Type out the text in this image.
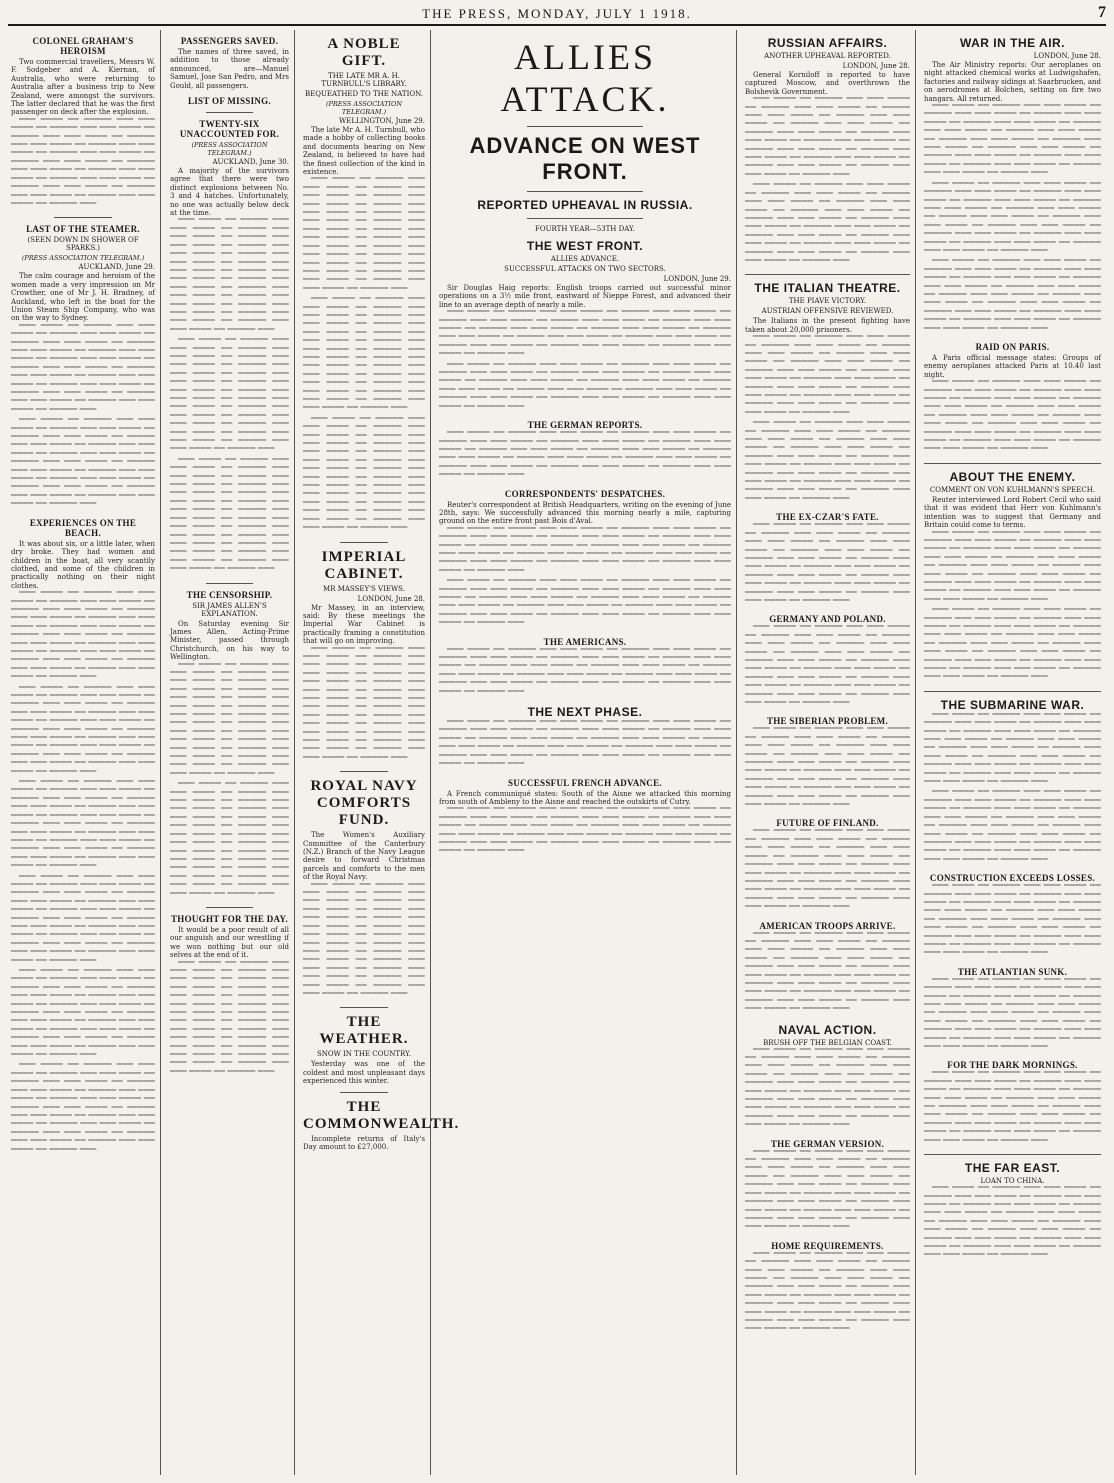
THE PRESS, MONDAY, JULY 1 1918.	7
COLONEL GRAHAM'S HEROISM

Two commercial travellers, Messrs W. F. Sodgeber and A. Kiernan, of Australia, who were returning to Australia after a business trip to New Zealand, were amongst the survivors. The latter declared that he was the first passenger on deck after the explosion.

▔▔▔ ▔▔▔▔ ▔▔ ▔▔▔▔▔ ▔▔▔ ▔▔▔ ▔▔▔▔ ▔▔ ▔▔▔▔▔ ▔▔▔ ▔▔▔ ▔▔▔▔ ▔▔ ▔▔▔▔▔ ▔▔▔ ▔▔▔ ▔▔▔▔ ▔▔ ▔▔▔▔▔ ▔▔▔ ▔▔▔ ▔▔▔▔ ▔▔ ▔▔▔▔▔ ▔▔▔ ▔▔▔ ▔▔▔▔ ▔▔ ▔▔▔▔▔ ▔▔▔ ▔▔▔ ▔▔▔▔ ▔▔ ▔▔▔▔▔ ▔▔▔ ▔▔▔ ▔▔▔▔ ▔▔ ▔▔▔▔▔ ▔▔▔ ▔▔▔ ▔▔▔▔ ▔▔ ▔▔▔▔▔ ▔▔▔ ▔▔▔ ▔▔▔▔ ▔▔ ▔▔▔▔▔ ▔▔▔ ▔▔▔ ▔▔▔▔ ▔▔ ▔▔▔▔▔ ▔▔▔ ▔▔▔ ▔▔▔▔ ▔▔ ▔▔▔▔▔ ▔▔▔ ▔▔▔ ▔▔▔▔ ▔▔ ▔▔▔▔▔ ▔▔▔ ▔▔▔ ▔▔▔▔ ▔▔ ▔▔▔▔▔ ▔▔▔

LAST OF THE STEAMER.
(SEEN DOWN IN SHOWER OF SPARKS.)
(PRESS ASSOCIATION TELEGRAM.)
AUCKLAND, June 29.

The calm courage and heroism of the women made a very impression on Mr Crowther, one of Mr J. H. Bradney, of Auckland, who left in the boat for the Union Steam Ship Company, who was on the way to Sydney.

▔▔▔ ▔▔▔▔ ▔▔ ▔▔▔▔▔ ▔▔▔ ▔▔▔ ▔▔▔▔ ▔▔ ▔▔▔▔▔ ▔▔▔ ▔▔▔ ▔▔▔▔ ▔▔ ▔▔▔▔▔ ▔▔▔ ▔▔▔ ▔▔▔▔ ▔▔ ▔▔▔▔▔ ▔▔▔ ▔▔▔ ▔▔▔▔ ▔▔ ▔▔▔▔▔ ▔▔▔ ▔▔▔ ▔▔▔▔ ▔▔ ▔▔▔▔▔ ▔▔▔ ▔▔▔ ▔▔▔▔ ▔▔ ▔▔▔▔▔ ▔▔▔ ▔▔▔ ▔▔▔▔ ▔▔ ▔▔▔▔▔ ▔▔▔ ▔▔▔ ▔▔▔▔ ▔▔ ▔▔▔▔▔ ▔▔▔ ▔▔▔ ▔▔▔▔ ▔▔ ▔▔▔▔▔ ▔▔▔ ▔▔▔ ▔▔▔▔ ▔▔ ▔▔▔▔▔ ▔▔▔ ▔▔▔ ▔▔▔▔ ▔▔ ▔▔▔▔▔ ▔▔▔ ▔▔▔ ▔▔▔▔ ▔▔ ▔▔▔▔▔ ▔▔▔ ▔▔▔ ▔▔▔▔ ▔▔ ▔▔▔▔▔ ▔▔▔

▔▔▔ ▔▔▔▔ ▔▔ ▔▔▔▔▔ ▔▔▔ ▔▔▔ ▔▔▔▔ ▔▔ ▔▔▔▔▔ ▔▔▔ ▔▔▔ ▔▔▔▔ ▔▔ ▔▔▔▔▔ ▔▔▔ ▔▔▔ ▔▔▔▔ ▔▔ ▔▔▔▔▔ ▔▔▔ ▔▔▔ ▔▔▔▔ ▔▔ ▔▔▔▔▔ ▔▔▔ ▔▔▔ ▔▔▔▔ ▔▔ ▔▔▔▔▔ ▔▔▔ ▔▔▔ ▔▔▔▔ ▔▔ ▔▔▔▔▔ ▔▔▔ ▔▔▔ ▔▔▔▔ ▔▔ ▔▔▔▔▔ ▔▔▔ ▔▔▔ ▔▔▔▔ ▔▔ ▔▔▔▔▔ ▔▔▔ ▔▔▔ ▔▔▔▔ ▔▔ ▔▔▔▔▔ ▔▔▔ ▔▔▔ ▔▔▔▔ ▔▔ ▔▔▔▔▔ ▔▔▔ ▔▔▔ ▔▔▔▔ ▔▔ ▔▔▔▔▔ ▔▔▔ ▔▔▔ ▔▔▔▔ ▔▔ ▔▔▔▔▔ ▔▔▔ ▔▔▔ ▔▔▔▔ ▔▔ ▔▔▔▔▔ ▔▔▔

EXPERIENCES ON THE BEACH.

It was about six, or a little later, when dry broke. They had women and children in the boat, all very scantily clothed, and some of the children in practically nothing on their night clothes.

▔▔▔ ▔▔▔▔ ▔▔ ▔▔▔▔▔ ▔▔▔ ▔▔▔ ▔▔▔▔ ▔▔ ▔▔▔▔▔ ▔▔▔ ▔▔▔ ▔▔▔▔ ▔▔ ▔▔▔▔▔ ▔▔▔ ▔▔▔ ▔▔▔▔ ▔▔ ▔▔▔▔▔ ▔▔▔ ▔▔▔ ▔▔▔▔ ▔▔ ▔▔▔▔▔ ▔▔▔ ▔▔▔ ▔▔▔▔ ▔▔ ▔▔▔▔▔ ▔▔▔ ▔▔▔ ▔▔▔▔ ▔▔ ▔▔▔▔▔ ▔▔▔ ▔▔▔ ▔▔▔▔ ▔▔ ▔▔▔▔▔ ▔▔▔ ▔▔▔ ▔▔▔▔ ▔▔ ▔▔▔▔▔ ▔▔▔ ▔▔▔ ▔▔▔▔ ▔▔ ▔▔▔▔▔ ▔▔▔ ▔▔▔ ▔▔▔▔ ▔▔ ▔▔▔▔▔ ▔▔▔ ▔▔▔ ▔▔▔▔ ▔▔ ▔▔▔▔▔ ▔▔▔ ▔▔▔ ▔▔▔▔ ▔▔ ▔▔▔▔▔ ▔▔▔ ▔▔▔ ▔▔▔▔ ▔▔ ▔▔▔▔▔ ▔▔▔

▔▔▔ ▔▔▔▔ ▔▔ ▔▔▔▔▔ ▔▔▔ ▔▔▔ ▔▔▔▔ ▔▔ ▔▔▔▔▔ ▔▔▔ ▔▔▔ ▔▔▔▔ ▔▔ ▔▔▔▔▔ ▔▔▔ ▔▔▔ ▔▔▔▔ ▔▔ ▔▔▔▔▔ ▔▔▔ ▔▔▔ ▔▔▔▔ ▔▔ ▔▔▔▔▔ ▔▔▔ ▔▔▔ ▔▔▔▔ ▔▔ ▔▔▔▔▔ ▔▔▔ ▔▔▔ ▔▔▔▔ ▔▔ ▔▔▔▔▔ ▔▔▔ ▔▔▔ ▔▔▔▔ ▔▔ ▔▔▔▔▔ ▔▔▔ ▔▔▔ ▔▔▔▔ ▔▔ ▔▔▔▔▔ ▔▔▔ ▔▔▔ ▔▔▔▔ ▔▔ ▔▔▔▔▔ ▔▔▔ ▔▔▔ ▔▔▔▔ ▔▔ ▔▔▔▔▔ ▔▔▔ ▔▔▔ ▔▔▔▔ ▔▔ ▔▔▔▔▔ ▔▔▔ ▔▔▔ ▔▔▔▔ ▔▔ ▔▔▔▔▔ ▔▔▔ ▔▔▔ ▔▔▔▔ ▔▔ ▔▔▔▔▔ ▔▔▔

▔▔▔ ▔▔▔▔ ▔▔ ▔▔▔▔▔ ▔▔▔ ▔▔▔ ▔▔▔▔ ▔▔ ▔▔▔▔▔ ▔▔▔ ▔▔▔ ▔▔▔▔ ▔▔ ▔▔▔▔▔ ▔▔▔ ▔▔▔ ▔▔▔▔ ▔▔ ▔▔▔▔▔ ▔▔▔ ▔▔▔ ▔▔▔▔ ▔▔ ▔▔▔▔▔ ▔▔▔ ▔▔▔ ▔▔▔▔ ▔▔ ▔▔▔▔▔ ▔▔▔ ▔▔▔ ▔▔▔▔ ▔▔ ▔▔▔▔▔ ▔▔▔ ▔▔▔ ▔▔▔▔ ▔▔ ▔▔▔▔▔ ▔▔▔ ▔▔▔ ▔▔▔▔ ▔▔ ▔▔▔▔▔ ▔▔▔ ▔▔▔ ▔▔▔▔ ▔▔ ▔▔▔▔▔ ▔▔▔ ▔▔▔ ▔▔▔▔ ▔▔ ▔▔▔▔▔ ▔▔▔ ▔▔▔ ▔▔▔▔ ▔▔ ▔▔▔▔▔ ▔▔▔ ▔▔▔ ▔▔▔▔ ▔▔ ▔▔▔▔▔ ▔▔▔ ▔▔▔ ▔▔▔▔ ▔▔ ▔▔▔▔▔ ▔▔▔

▔▔▔ ▔▔▔▔ ▔▔ ▔▔▔▔▔ ▔▔▔ ▔▔▔ ▔▔▔▔ ▔▔ ▔▔▔▔▔ ▔▔▔ ▔▔▔ ▔▔▔▔ ▔▔ ▔▔▔▔▔ ▔▔▔ ▔▔▔ ▔▔▔▔ ▔▔ ▔▔▔▔▔ ▔▔▔ ▔▔▔ ▔▔▔▔ ▔▔ ▔▔▔▔▔ ▔▔▔ ▔▔▔ ▔▔▔▔ ▔▔ ▔▔▔▔▔ ▔▔▔ ▔▔▔ ▔▔▔▔ ▔▔ ▔▔▔▔▔ ▔▔▔ ▔▔▔ ▔▔▔▔ ▔▔ ▔▔▔▔▔ ▔▔▔ ▔▔▔ ▔▔▔▔ ▔▔ ▔▔▔▔▔ ▔▔▔ ▔▔▔ ▔▔▔▔ ▔▔ ▔▔▔▔▔ ▔▔▔ ▔▔▔ ▔▔▔▔ ▔▔ ▔▔▔▔▔ ▔▔▔ ▔▔▔ ▔▔▔▔ ▔▔ ▔▔▔▔▔ ▔▔▔ ▔▔▔ ▔▔▔▔ ▔▔ ▔▔▔▔▔ ▔▔▔ ▔▔▔ ▔▔▔▔ ▔▔ ▔▔▔▔▔ ▔▔▔

▔▔▔ ▔▔▔▔ ▔▔ ▔▔▔▔▔ ▔▔▔ ▔▔▔ ▔▔▔▔ ▔▔ ▔▔▔▔▔ ▔▔▔ ▔▔▔ ▔▔▔▔ ▔▔ ▔▔▔▔▔ ▔▔▔ ▔▔▔ ▔▔▔▔ ▔▔ ▔▔▔▔▔ ▔▔▔ ▔▔▔ ▔▔▔▔ ▔▔ ▔▔▔▔▔ ▔▔▔ ▔▔▔ ▔▔▔▔ ▔▔ ▔▔▔▔▔ ▔▔▔ ▔▔▔ ▔▔▔▔ ▔▔ ▔▔▔▔▔ ▔▔▔ ▔▔▔ ▔▔▔▔ ▔▔ ▔▔▔▔▔ ▔▔▔ ▔▔▔ ▔▔▔▔ ▔▔ ▔▔▔▔▔ ▔▔▔ ▔▔▔ ▔▔▔▔ ▔▔ ▔▔▔▔▔ ▔▔▔ ▔▔▔ ▔▔▔▔ ▔▔ ▔▔▔▔▔ ▔▔▔ ▔▔▔ ▔▔▔▔ ▔▔ ▔▔▔▔▔ ▔▔▔ ▔▔▔ ▔▔▔▔ ▔▔ ▔▔▔▔▔ ▔▔▔ ▔▔▔ ▔▔▔▔ ▔▔ ▔▔▔▔▔ ▔▔▔

▔▔▔ ▔▔▔▔ ▔▔ ▔▔▔▔▔ ▔▔▔ ▔▔▔ ▔▔▔▔ ▔▔ ▔▔▔▔▔ ▔▔▔ ▔▔▔ ▔▔▔▔ ▔▔ ▔▔▔▔▔ ▔▔▔ ▔▔▔ ▔▔▔▔ ▔▔ ▔▔▔▔▔ ▔▔▔ ▔▔▔ ▔▔▔▔ ▔▔ ▔▔▔▔▔ ▔▔▔ ▔▔▔ ▔▔▔▔ ▔▔ ▔▔▔▔▔ ▔▔▔ ▔▔▔ ▔▔▔▔ ▔▔ ▔▔▔▔▔ ▔▔▔ ▔▔▔ ▔▔▔▔ ▔▔ ▔▔▔▔▔ ▔▔▔ ▔▔▔ ▔▔▔▔ ▔▔ ▔▔▔▔▔ ▔▔▔ ▔▔▔ ▔▔▔▔ ▔▔ ▔▔▔▔▔ ▔▔▔ ▔▔▔ ▔▔▔▔ ▔▔ ▔▔▔▔▔ ▔▔▔ ▔▔▔ ▔▔▔▔ ▔▔ ▔▔▔▔▔ ▔▔▔ ▔▔▔ ▔▔▔▔ ▔▔ ▔▔▔▔▔ ▔▔▔ ▔▔▔ ▔▔▔▔ ▔▔ ▔▔▔▔▔ ▔▔▔

PASSENGERS SAVED.

The names of three saved, in addition to those already announced, are—Manuel Samuel, Jose San Pedro, and Mrs Gould, all passengers.

LIST OF MISSING.
TWENTY-SIX UNACCOUNTED FOR.
(PRESS ASSOCIATION TELEGRAM.)
AUCKLAND, June 30.

A majority of the survivors agree that there were two distinct explosions between No. 3 and 4 hatches. Unfortunately, no one was actually below deck at the time.

▔▔▔ ▔▔▔▔ ▔▔ ▔▔▔▔▔ ▔▔▔ ▔▔▔ ▔▔▔▔ ▔▔ ▔▔▔▔▔ ▔▔▔ ▔▔▔ ▔▔▔▔ ▔▔ ▔▔▔▔▔ ▔▔▔ ▔▔▔ ▔▔▔▔ ▔▔ ▔▔▔▔▔ ▔▔▔ ▔▔▔ ▔▔▔▔ ▔▔ ▔▔▔▔▔ ▔▔▔ ▔▔▔ ▔▔▔▔ ▔▔ ▔▔▔▔▔ ▔▔▔ ▔▔▔ ▔▔▔▔ ▔▔ ▔▔▔▔▔ ▔▔▔ ▔▔▔ ▔▔▔▔ ▔▔ ▔▔▔▔▔ ▔▔▔ ▔▔▔ ▔▔▔▔ ▔▔ ▔▔▔▔▔ ▔▔▔ ▔▔▔ ▔▔▔▔ ▔▔ ▔▔▔▔▔ ▔▔▔ ▔▔▔ ▔▔▔▔ ▔▔ ▔▔▔▔▔ ▔▔▔ ▔▔▔ ▔▔▔▔ ▔▔ ▔▔▔▔▔ ▔▔▔ ▔▔▔ ▔▔▔▔ ▔▔ ▔▔▔▔▔ ▔▔▔ ▔▔▔ ▔▔▔▔ ▔▔ ▔▔▔▔▔ ▔▔▔

▔▔▔ ▔▔▔▔ ▔▔ ▔▔▔▔▔ ▔▔▔ ▔▔▔ ▔▔▔▔ ▔▔ ▔▔▔▔▔ ▔▔▔ ▔▔▔ ▔▔▔▔ ▔▔ ▔▔▔▔▔ ▔▔▔ ▔▔▔ ▔▔▔▔ ▔▔ ▔▔▔▔▔ ▔▔▔ ▔▔▔ ▔▔▔▔ ▔▔ ▔▔▔▔▔ ▔▔▔ ▔▔▔ ▔▔▔▔ ▔▔ ▔▔▔▔▔ ▔▔▔ ▔▔▔ ▔▔▔▔ ▔▔ ▔▔▔▔▔ ▔▔▔ ▔▔▔ ▔▔▔▔ ▔▔ ▔▔▔▔▔ ▔▔▔ ▔▔▔ ▔▔▔▔ ▔▔ ▔▔▔▔▔ ▔▔▔ ▔▔▔ ▔▔▔▔ ▔▔ ▔▔▔▔▔ ▔▔▔ ▔▔▔ ▔▔▔▔ ▔▔ ▔▔▔▔▔ ▔▔▔ ▔▔▔ ▔▔▔▔ ▔▔ ▔▔▔▔▔ ▔▔▔ ▔▔▔ ▔▔▔▔ ▔▔ ▔▔▔▔▔ ▔▔▔ ▔▔▔ ▔▔▔▔ ▔▔ ▔▔▔▔▔ ▔▔▔

▔▔▔ ▔▔▔▔ ▔▔ ▔▔▔▔▔ ▔▔▔ ▔▔▔ ▔▔▔▔ ▔▔ ▔▔▔▔▔ ▔▔▔ ▔▔▔ ▔▔▔▔ ▔▔ ▔▔▔▔▔ ▔▔▔ ▔▔▔ ▔▔▔▔ ▔▔ ▔▔▔▔▔ ▔▔▔ ▔▔▔ ▔▔▔▔ ▔▔ ▔▔▔▔▔ ▔▔▔ ▔▔▔ ▔▔▔▔ ▔▔ ▔▔▔▔▔ ▔▔▔ ▔▔▔ ▔▔▔▔ ▔▔ ▔▔▔▔▔ ▔▔▔ ▔▔▔ ▔▔▔▔ ▔▔ ▔▔▔▔▔ ▔▔▔ ▔▔▔ ▔▔▔▔ ▔▔ ▔▔▔▔▔ ▔▔▔ ▔▔▔ ▔▔▔▔ ▔▔ ▔▔▔▔▔ ▔▔▔ ▔▔▔ ▔▔▔▔ ▔▔ ▔▔▔▔▔ ▔▔▔ ▔▔▔ ▔▔▔▔ ▔▔ ▔▔▔▔▔ ▔▔▔ ▔▔▔ ▔▔▔▔ ▔▔ ▔▔▔▔▔ ▔▔▔ ▔▔▔ ▔▔▔▔ ▔▔ ▔▔▔▔▔ ▔▔▔

THE CENSORSHIP.
SIR JAMES ALLEN'S EXPLANATION.

On Saturday evening Sir James Allen, Acting-Prime Minister, passed through Christchurch, on his way to Wellington.

▔▔▔ ▔▔▔▔ ▔▔ ▔▔▔▔▔ ▔▔▔ ▔▔▔ ▔▔▔▔ ▔▔ ▔▔▔▔▔ ▔▔▔ ▔▔▔ ▔▔▔▔ ▔▔ ▔▔▔▔▔ ▔▔▔ ▔▔▔ ▔▔▔▔ ▔▔ ▔▔▔▔▔ ▔▔▔ ▔▔▔ ▔▔▔▔ ▔▔ ▔▔▔▔▔ ▔▔▔ ▔▔▔ ▔▔▔▔ ▔▔ ▔▔▔▔▔ ▔▔▔ ▔▔▔ ▔▔▔▔ ▔▔ ▔▔▔▔▔ ▔▔▔ ▔▔▔ ▔▔▔▔ ▔▔ ▔▔▔▔▔ ▔▔▔ ▔▔▔ ▔▔▔▔ ▔▔ ▔▔▔▔▔ ▔▔▔ ▔▔▔ ▔▔▔▔ ▔▔ ▔▔▔▔▔ ▔▔▔ ▔▔▔ ▔▔▔▔ ▔▔ ▔▔▔▔▔ ▔▔▔ ▔▔▔ ▔▔▔▔ ▔▔ ▔▔▔▔▔ ▔▔▔ ▔▔▔ ▔▔▔▔ ▔▔ ▔▔▔▔▔ ▔▔▔ ▔▔▔ ▔▔▔▔ ▔▔ ▔▔▔▔▔ ▔▔▔

▔▔▔ ▔▔▔▔ ▔▔ ▔▔▔▔▔ ▔▔▔ ▔▔▔ ▔▔▔▔ ▔▔ ▔▔▔▔▔ ▔▔▔ ▔▔▔ ▔▔▔▔ ▔▔ ▔▔▔▔▔ ▔▔▔ ▔▔▔ ▔▔▔▔ ▔▔ ▔▔▔▔▔ ▔▔▔ ▔▔▔ ▔▔▔▔ ▔▔ ▔▔▔▔▔ ▔▔▔ ▔▔▔ ▔▔▔▔ ▔▔ ▔▔▔▔▔ ▔▔▔ ▔▔▔ ▔▔▔▔ ▔▔ ▔▔▔▔▔ ▔▔▔ ▔▔▔ ▔▔▔▔ ▔▔ ▔▔▔▔▔ ▔▔▔ ▔▔▔ ▔▔▔▔ ▔▔ ▔▔▔▔▔ ▔▔▔ ▔▔▔ ▔▔▔▔ ▔▔ ▔▔▔▔▔ ▔▔▔ ▔▔▔ ▔▔▔▔ ▔▔ ▔▔▔▔▔ ▔▔▔ ▔▔▔ ▔▔▔▔ ▔▔ ▔▔▔▔▔ ▔▔▔ ▔▔▔ ▔▔▔▔ ▔▔ ▔▔▔▔▔ ▔▔▔ ▔▔▔ ▔▔▔▔ ▔▔ ▔▔▔▔▔ ▔▔▔

THOUGHT FOR THE DAY.

It would be a poor result of all our anguish and our wrestling if we won nothing but our old selves at the end of it.

▔▔▔ ▔▔▔▔ ▔▔ ▔▔▔▔▔ ▔▔▔ ▔▔▔ ▔▔▔▔ ▔▔ ▔▔▔▔▔ ▔▔▔ ▔▔▔ ▔▔▔▔ ▔▔ ▔▔▔▔▔ ▔▔▔ ▔▔▔ ▔▔▔▔ ▔▔ ▔▔▔▔▔ ▔▔▔ ▔▔▔ ▔▔▔▔ ▔▔ ▔▔▔▔▔ ▔▔▔ ▔▔▔ ▔▔▔▔ ▔▔ ▔▔▔▔▔ ▔▔▔ ▔▔▔ ▔▔▔▔ ▔▔ ▔▔▔▔▔ ▔▔▔ ▔▔▔ ▔▔▔▔ ▔▔ ▔▔▔▔▔ ▔▔▔ ▔▔▔ ▔▔▔▔ ▔▔ ▔▔▔▔▔ ▔▔▔ ▔▔▔ ▔▔▔▔ ▔▔ ▔▔▔▔▔ ▔▔▔ ▔▔▔ ▔▔▔▔ ▔▔ ▔▔▔▔▔ ▔▔▔ ▔▔▔ ▔▔▔▔ ▔▔ ▔▔▔▔▔ ▔▔▔ ▔▔▔ ▔▔▔▔ ▔▔ ▔▔▔▔▔ ▔▔▔ ▔▔▔ ▔▔▔▔ ▔▔ ▔▔▔▔▔ ▔▔▔

A NOBLE GIFT.
THE LATE MR A. H. TURNBULL'S LIBRARY.
BEQUEATHED TO THE NATION.
(PRESS ASSOCIATION TELEGRAM.)
WELLINGTON, June 29.

The late Mr A. H. Turnbull, who made a hobby of collecting books and documents bearing on New Zealand, is believed to have had the finest collection of the kind in existence.

▔▔▔ ▔▔▔▔ ▔▔ ▔▔▔▔▔ ▔▔▔ ▔▔▔ ▔▔▔▔ ▔▔ ▔▔▔▔▔ ▔▔▔ ▔▔▔ ▔▔▔▔ ▔▔ ▔▔▔▔▔ ▔▔▔ ▔▔▔ ▔▔▔▔ ▔▔ ▔▔▔▔▔ ▔▔▔ ▔▔▔ ▔▔▔▔ ▔▔ ▔▔▔▔▔ ▔▔▔ ▔▔▔ ▔▔▔▔ ▔▔ ▔▔▔▔▔ ▔▔▔ ▔▔▔ ▔▔▔▔ ▔▔ ▔▔▔▔▔ ▔▔▔ ▔▔▔ ▔▔▔▔ ▔▔ ▔▔▔▔▔ ▔▔▔ ▔▔▔ ▔▔▔▔ ▔▔ ▔▔▔▔▔ ▔▔▔ ▔▔▔ ▔▔▔▔ ▔▔ ▔▔▔▔▔ ▔▔▔ ▔▔▔ ▔▔▔▔ ▔▔ ▔▔▔▔▔ ▔▔▔ ▔▔▔ ▔▔▔▔ ▔▔ ▔▔▔▔▔ ▔▔▔ ▔▔▔ ▔▔▔▔ ▔▔ ▔▔▔▔▔ ▔▔▔ ▔▔▔ ▔▔▔▔ ▔▔ ▔▔▔▔▔ ▔▔▔

▔▔▔ ▔▔▔▔ ▔▔ ▔▔▔▔▔ ▔▔▔ ▔▔▔ ▔▔▔▔ ▔▔ ▔▔▔▔▔ ▔▔▔ ▔▔▔ ▔▔▔▔ ▔▔ ▔▔▔▔▔ ▔▔▔ ▔▔▔ ▔▔▔▔ ▔▔ ▔▔▔▔▔ ▔▔▔ ▔▔▔ ▔▔▔▔ ▔▔ ▔▔▔▔▔ ▔▔▔ ▔▔▔ ▔▔▔▔ ▔▔ ▔▔▔▔▔ ▔▔▔ ▔▔▔ ▔▔▔▔ ▔▔ ▔▔▔▔▔ ▔▔▔ ▔▔▔ ▔▔▔▔ ▔▔ ▔▔▔▔▔ ▔▔▔ ▔▔▔ ▔▔▔▔ ▔▔ ▔▔▔▔▔ ▔▔▔ ▔▔▔ ▔▔▔▔ ▔▔ ▔▔▔▔▔ ▔▔▔ ▔▔▔ ▔▔▔▔ ▔▔ ▔▔▔▔▔ ▔▔▔ ▔▔▔ ▔▔▔▔ ▔▔ ▔▔▔▔▔ ▔▔▔ ▔▔▔ ▔▔▔▔ ▔▔ ▔▔▔▔▔ ▔▔▔ ▔▔▔ ▔▔▔▔ ▔▔ ▔▔▔▔▔ ▔▔▔

▔▔▔ ▔▔▔▔ ▔▔ ▔▔▔▔▔ ▔▔▔ ▔▔▔ ▔▔▔▔ ▔▔ ▔▔▔▔▔ ▔▔▔ ▔▔▔ ▔▔▔▔ ▔▔ ▔▔▔▔▔ ▔▔▔ ▔▔▔ ▔▔▔▔ ▔▔ ▔▔▔▔▔ ▔▔▔ ▔▔▔ ▔▔▔▔ ▔▔ ▔▔▔▔▔ ▔▔▔ ▔▔▔ ▔▔▔▔ ▔▔ ▔▔▔▔▔ ▔▔▔ ▔▔▔ ▔▔▔▔ ▔▔ ▔▔▔▔▔ ▔▔▔ ▔▔▔ ▔▔▔▔ ▔▔ ▔▔▔▔▔ ▔▔▔ ▔▔▔ ▔▔▔▔ ▔▔ ▔▔▔▔▔ ▔▔▔ ▔▔▔ ▔▔▔▔ ▔▔ ▔▔▔▔▔ ▔▔▔ ▔▔▔ ▔▔▔▔ ▔▔ ▔▔▔▔▔ ▔▔▔ ▔▔▔ ▔▔▔▔ ▔▔ ▔▔▔▔▔ ▔▔▔ ▔▔▔ ▔▔▔▔ ▔▔ ▔▔▔▔▔ ▔▔▔ ▔▔▔ ▔▔▔▔ ▔▔ ▔▔▔▔▔ ▔▔▔

IMPERIAL CABINET.
MR MASSEY'S VIEWS.
LONDON, June 28.

Mr Massey, in an interview, said: By these meetings the Imperial War Cabinet is practically framing a constitution that will go on improving.

▔▔▔ ▔▔▔▔ ▔▔ ▔▔▔▔▔ ▔▔▔ ▔▔▔ ▔▔▔▔ ▔▔ ▔▔▔▔▔ ▔▔▔ ▔▔▔ ▔▔▔▔ ▔▔ ▔▔▔▔▔ ▔▔▔ ▔▔▔ ▔▔▔▔ ▔▔ ▔▔▔▔▔ ▔▔▔ ▔▔▔ ▔▔▔▔ ▔▔ ▔▔▔▔▔ ▔▔▔ ▔▔▔ ▔▔▔▔ ▔▔ ▔▔▔▔▔ ▔▔▔ ▔▔▔ ▔▔▔▔ ▔▔ ▔▔▔▔▔ ▔▔▔ ▔▔▔ ▔▔▔▔ ▔▔ ▔▔▔▔▔ ▔▔▔ ▔▔▔ ▔▔▔▔ ▔▔ ▔▔▔▔▔ ▔▔▔ ▔▔▔ ▔▔▔▔ ▔▔ ▔▔▔▔▔ ▔▔▔ ▔▔▔ ▔▔▔▔ ▔▔ ▔▔▔▔▔ ▔▔▔ ▔▔▔ ▔▔▔▔ ▔▔ ▔▔▔▔▔ ▔▔▔ ▔▔▔ ▔▔▔▔ ▔▔ ▔▔▔▔▔ ▔▔▔ ▔▔▔ ▔▔▔▔ ▔▔ ▔▔▔▔▔ ▔▔▔

ROYAL NAVY COMFORTS FUND.

The Women's Auxiliary Committee of the Canterbury (N.Z.) Branch of the Navy League desire to forward Christmas parcels and comforts to the men of the Royal Navy.

▔▔▔ ▔▔▔▔ ▔▔ ▔▔▔▔▔ ▔▔▔ ▔▔▔ ▔▔▔▔ ▔▔ ▔▔▔▔▔ ▔▔▔ ▔▔▔ ▔▔▔▔ ▔▔ ▔▔▔▔▔ ▔▔▔ ▔▔▔ ▔▔▔▔ ▔▔ ▔▔▔▔▔ ▔▔▔ ▔▔▔ ▔▔▔▔ ▔▔ ▔▔▔▔▔ ▔▔▔ ▔▔▔ ▔▔▔▔ ▔▔ ▔▔▔▔▔ ▔▔▔ ▔▔▔ ▔▔▔▔ ▔▔ ▔▔▔▔▔ ▔▔▔ ▔▔▔ ▔▔▔▔ ▔▔ ▔▔▔▔▔ ▔▔▔ ▔▔▔ ▔▔▔▔ ▔▔ ▔▔▔▔▔ ▔▔▔ ▔▔▔ ▔▔▔▔ ▔▔ ▔▔▔▔▔ ▔▔▔ ▔▔▔ ▔▔▔▔ ▔▔ ▔▔▔▔▔ ▔▔▔ ▔▔▔ ▔▔▔▔ ▔▔ ▔▔▔▔▔ ▔▔▔ ▔▔▔ ▔▔▔▔ ▔▔ ▔▔▔▔▔ ▔▔▔ ▔▔▔ ▔▔▔▔ ▔▔ ▔▔▔▔▔ ▔▔▔

THE WEATHER.
SNOW IN THE COUNTRY.

Yesterday was one of the coldest and most unpleasant days experienced this winter.

THE COMMONWEALTH.

Incomplete returns of Italy's Day amount to £27,000.

ALLIES ATTACK.
ADVANCE ON WEST FRONT.
REPORTED UPHEAVAL IN RUSSIA.
FOURTH YEAR—53TH DAY.
THE WEST FRONT.
ALLIES ADVANCE.
SUCCESSFUL ATTACKS ON TWO SECTORS.
LONDON, June 29.

Sir Douglas Haig reports: English troops carried out successful minor operations on a 3½ mile front, eastward of Nieppe Forest, and advanced their line to an average depth of nearly a mile.

▔▔▔ ▔▔▔▔ ▔▔ ▔▔▔▔▔ ▔▔▔ ▔▔▔ ▔▔▔▔ ▔▔ ▔▔▔▔▔ ▔▔▔ ▔▔▔ ▔▔▔▔ ▔▔ ▔▔▔▔▔ ▔▔▔ ▔▔▔ ▔▔▔▔ ▔▔ ▔▔▔▔▔ ▔▔▔ ▔▔▔ ▔▔▔▔ ▔▔ ▔▔▔▔▔ ▔▔▔ ▔▔▔ ▔▔▔▔ ▔▔ ▔▔▔▔▔ ▔▔▔ ▔▔▔ ▔▔▔▔ ▔▔ ▔▔▔▔▔ ▔▔▔ ▔▔▔ ▔▔▔▔ ▔▔ ▔▔▔▔▔ ▔▔▔ ▔▔▔ ▔▔▔▔ ▔▔ ▔▔▔▔▔ ▔▔▔ ▔▔▔ ▔▔▔▔ ▔▔ ▔▔▔▔▔ ▔▔▔ ▔▔▔ ▔▔▔▔ ▔▔ ▔▔▔▔▔ ▔▔▔ ▔▔▔ ▔▔▔▔ ▔▔ ▔▔▔▔▔ ▔▔▔ ▔▔▔ ▔▔▔▔ ▔▔ ▔▔▔▔▔ ▔▔▔ ▔▔▔ ▔▔▔▔ ▔▔ ▔▔▔▔▔ ▔▔▔

▔▔▔ ▔▔▔▔ ▔▔ ▔▔▔▔▔ ▔▔▔ ▔▔▔ ▔▔▔▔ ▔▔ ▔▔▔▔▔ ▔▔▔ ▔▔▔ ▔▔▔▔ ▔▔ ▔▔▔▔▔ ▔▔▔ ▔▔▔ ▔▔▔▔ ▔▔ ▔▔▔▔▔ ▔▔▔ ▔▔▔ ▔▔▔▔ ▔▔ ▔▔▔▔▔ ▔▔▔ ▔▔▔ ▔▔▔▔ ▔▔ ▔▔▔▔▔ ▔▔▔ ▔▔▔ ▔▔▔▔ ▔▔ ▔▔▔▔▔ ▔▔▔ ▔▔▔ ▔▔▔▔ ▔▔ ▔▔▔▔▔ ▔▔▔ ▔▔▔ ▔▔▔▔ ▔▔ ▔▔▔▔▔ ▔▔▔ ▔▔▔ ▔▔▔▔ ▔▔ ▔▔▔▔▔ ▔▔▔ ▔▔▔ ▔▔▔▔ ▔▔ ▔▔▔▔▔ ▔▔▔ ▔▔▔ ▔▔▔▔ ▔▔ ▔▔▔▔▔ ▔▔▔ ▔▔▔ ▔▔▔▔ ▔▔ ▔▔▔▔▔ ▔▔▔ ▔▔▔ ▔▔▔▔ ▔▔ ▔▔▔▔▔ ▔▔▔

THE GERMAN REPORTS.

▔▔▔ ▔▔▔▔ ▔▔ ▔▔▔▔▔ ▔▔▔ ▔▔▔ ▔▔▔▔ ▔▔ ▔▔▔▔▔ ▔▔▔ ▔▔▔ ▔▔▔▔ ▔▔ ▔▔▔▔▔ ▔▔▔ ▔▔▔ ▔▔▔▔ ▔▔ ▔▔▔▔▔ ▔▔▔ ▔▔▔ ▔▔▔▔ ▔▔ ▔▔▔▔▔ ▔▔▔ ▔▔▔ ▔▔▔▔ ▔▔ ▔▔▔▔▔ ▔▔▔ ▔▔▔ ▔▔▔▔ ▔▔ ▔▔▔▔▔ ▔▔▔ ▔▔▔ ▔▔▔▔ ▔▔ ▔▔▔▔▔ ▔▔▔ ▔▔▔ ▔▔▔▔ ▔▔ ▔▔▔▔▔ ▔▔▔ ▔▔▔ ▔▔▔▔ ▔▔ ▔▔▔▔▔ ▔▔▔ ▔▔▔ ▔▔▔▔ ▔▔ ▔▔▔▔▔ ▔▔▔ ▔▔▔ ▔▔▔▔ ▔▔ ▔▔▔▔▔ ▔▔▔ ▔▔▔ ▔▔▔▔ ▔▔ ▔▔▔▔▔ ▔▔▔ ▔▔▔ ▔▔▔▔ ▔▔ ▔▔▔▔▔ ▔▔▔

CORRESPONDENTS' DESPATCHES.

Reuter's correspondent at British Headquarters, writing on the evening of June 28th, says: We successfully advanced this morning nearly a mile, capturing ground on the entire front past Bois d'Aval.

▔▔▔ ▔▔▔▔ ▔▔ ▔▔▔▔▔ ▔▔▔ ▔▔▔ ▔▔▔▔ ▔▔ ▔▔▔▔▔ ▔▔▔ ▔▔▔ ▔▔▔▔ ▔▔ ▔▔▔▔▔ ▔▔▔ ▔▔▔ ▔▔▔▔ ▔▔ ▔▔▔▔▔ ▔▔▔ ▔▔▔ ▔▔▔▔ ▔▔ ▔▔▔▔▔ ▔▔▔ ▔▔▔ ▔▔▔▔ ▔▔ ▔▔▔▔▔ ▔▔▔ ▔▔▔ ▔▔▔▔ ▔▔ ▔▔▔▔▔ ▔▔▔ ▔▔▔ ▔▔▔▔ ▔▔ ▔▔▔▔▔ ▔▔▔ ▔▔▔ ▔▔▔▔ ▔▔ ▔▔▔▔▔ ▔▔▔ ▔▔▔ ▔▔▔▔ ▔▔ ▔▔▔▔▔ ▔▔▔ ▔▔▔ ▔▔▔▔ ▔▔ ▔▔▔▔▔ ▔▔▔ ▔▔▔ ▔▔▔▔ ▔▔ ▔▔▔▔▔ ▔▔▔ ▔▔▔ ▔▔▔▔ ▔▔ ▔▔▔▔▔ ▔▔▔ ▔▔▔ ▔▔▔▔ ▔▔ ▔▔▔▔▔ ▔▔▔

▔▔▔ ▔▔▔▔ ▔▔ ▔▔▔▔▔ ▔▔▔ ▔▔▔ ▔▔▔▔ ▔▔ ▔▔▔▔▔ ▔▔▔ ▔▔▔ ▔▔▔▔ ▔▔ ▔▔▔▔▔ ▔▔▔ ▔▔▔ ▔▔▔▔ ▔▔ ▔▔▔▔▔ ▔▔▔ ▔▔▔ ▔▔▔▔ ▔▔ ▔▔▔▔▔ ▔▔▔ ▔▔▔ ▔▔▔▔ ▔▔ ▔▔▔▔▔ ▔▔▔ ▔▔▔ ▔▔▔▔ ▔▔ ▔▔▔▔▔ ▔▔▔ ▔▔▔ ▔▔▔▔ ▔▔ ▔▔▔▔▔ ▔▔▔ ▔▔▔ ▔▔▔▔ ▔▔ ▔▔▔▔▔ ▔▔▔ ▔▔▔ ▔▔▔▔ ▔▔ ▔▔▔▔▔ ▔▔▔ ▔▔▔ ▔▔▔▔ ▔▔ ▔▔▔▔▔ ▔▔▔ ▔▔▔ ▔▔▔▔ ▔▔ ▔▔▔▔▔ ▔▔▔ ▔▔▔ ▔▔▔▔ ▔▔ ▔▔▔▔▔ ▔▔▔ ▔▔▔ ▔▔▔▔ ▔▔ ▔▔▔▔▔ ▔▔▔

THE AMERICANS.

▔▔▔ ▔▔▔▔ ▔▔ ▔▔▔▔▔ ▔▔▔ ▔▔▔ ▔▔▔▔ ▔▔ ▔▔▔▔▔ ▔▔▔ ▔▔▔ ▔▔▔▔ ▔▔ ▔▔▔▔▔ ▔▔▔ ▔▔▔ ▔▔▔▔ ▔▔ ▔▔▔▔▔ ▔▔▔ ▔▔▔ ▔▔▔▔ ▔▔ ▔▔▔▔▔ ▔▔▔ ▔▔▔ ▔▔▔▔ ▔▔ ▔▔▔▔▔ ▔▔▔ ▔▔▔ ▔▔▔▔ ▔▔ ▔▔▔▔▔ ▔▔▔ ▔▔▔ ▔▔▔▔ ▔▔ ▔▔▔▔▔ ▔▔▔ ▔▔▔ ▔▔▔▔ ▔▔ ▔▔▔▔▔ ▔▔▔ ▔▔▔ ▔▔▔▔ ▔▔ ▔▔▔▔▔ ▔▔▔ ▔▔▔ ▔▔▔▔ ▔▔ ▔▔▔▔▔ ▔▔▔ ▔▔▔ ▔▔▔▔ ▔▔ ▔▔▔▔▔ ▔▔▔ ▔▔▔ ▔▔▔▔ ▔▔ ▔▔▔▔▔ ▔▔▔ ▔▔▔ ▔▔▔▔ ▔▔ ▔▔▔▔▔ ▔▔▔

THE NEXT PHASE.

▔▔▔ ▔▔▔▔ ▔▔ ▔▔▔▔▔ ▔▔▔ ▔▔▔ ▔▔▔▔ ▔▔ ▔▔▔▔▔ ▔▔▔ ▔▔▔ ▔▔▔▔ ▔▔ ▔▔▔▔▔ ▔▔▔ ▔▔▔ ▔▔▔▔ ▔▔ ▔▔▔▔▔ ▔▔▔ ▔▔▔ ▔▔▔▔ ▔▔ ▔▔▔▔▔ ▔▔▔ ▔▔▔ ▔▔▔▔ ▔▔ ▔▔▔▔▔ ▔▔▔ ▔▔▔ ▔▔▔▔ ▔▔ ▔▔▔▔▔ ▔▔▔ ▔▔▔ ▔▔▔▔ ▔▔ ▔▔▔▔▔ ▔▔▔ ▔▔▔ ▔▔▔▔ ▔▔ ▔▔▔▔▔ ▔▔▔ ▔▔▔ ▔▔▔▔ ▔▔ ▔▔▔▔▔ ▔▔▔ ▔▔▔ ▔▔▔▔ ▔▔ ▔▔▔▔▔ ▔▔▔ ▔▔▔ ▔▔▔▔ ▔▔ ▔▔▔▔▔ ▔▔▔ ▔▔▔ ▔▔▔▔ ▔▔ ▔▔▔▔▔ ▔▔▔ ▔▔▔ ▔▔▔▔ ▔▔ ▔▔▔▔▔ ▔▔▔

SUCCESSFUL FRENCH ADVANCE.

A French communiqué states: South of the Aisne we attacked this morning from south of Ambleny to the Aisne and reached the outskirts of Cutry.

▔▔▔ ▔▔▔▔ ▔▔ ▔▔▔▔▔ ▔▔▔ ▔▔▔ ▔▔▔▔ ▔▔ ▔▔▔▔▔ ▔▔▔ ▔▔▔ ▔▔▔▔ ▔▔ ▔▔▔▔▔ ▔▔▔ ▔▔▔ ▔▔▔▔ ▔▔ ▔▔▔▔▔ ▔▔▔ ▔▔▔ ▔▔▔▔ ▔▔ ▔▔▔▔▔ ▔▔▔ ▔▔▔ ▔▔▔▔ ▔▔ ▔▔▔▔▔ ▔▔▔ ▔▔▔ ▔▔▔▔ ▔▔ ▔▔▔▔▔ ▔▔▔ ▔▔▔ ▔▔▔▔ ▔▔ ▔▔▔▔▔ ▔▔▔ ▔▔▔ ▔▔▔▔ ▔▔ ▔▔▔▔▔ ▔▔▔ ▔▔▔ ▔▔▔▔ ▔▔ ▔▔▔▔▔ ▔▔▔ ▔▔▔ ▔▔▔▔ ▔▔ ▔▔▔▔▔ ▔▔▔ ▔▔▔ ▔▔▔▔ ▔▔ ▔▔▔▔▔ ▔▔▔ ▔▔▔ ▔▔▔▔ ▔▔ ▔▔▔▔▔ ▔▔▔ ▔▔▔ ▔▔▔▔ ▔▔ ▔▔▔▔▔ ▔▔▔

RUSSIAN AFFAIRS.
ANOTHER UPHEAVAL REPORTED.
LONDON, June 28.

General Korniloff is reported to have captured Moscow, and overthrown the Bolshevik Government.

▔▔▔ ▔▔▔▔ ▔▔ ▔▔▔▔▔ ▔▔▔ ▔▔▔ ▔▔▔▔ ▔▔ ▔▔▔▔▔ ▔▔▔ ▔▔▔ ▔▔▔▔ ▔▔ ▔▔▔▔▔ ▔▔▔ ▔▔▔ ▔▔▔▔ ▔▔ ▔▔▔▔▔ ▔▔▔ ▔▔▔ ▔▔▔▔ ▔▔ ▔▔▔▔▔ ▔▔▔ ▔▔▔ ▔▔▔▔ ▔▔ ▔▔▔▔▔ ▔▔▔ ▔▔▔ ▔▔▔▔ ▔▔ ▔▔▔▔▔ ▔▔▔ ▔▔▔ ▔▔▔▔ ▔▔ ▔▔▔▔▔ ▔▔▔ ▔▔▔ ▔▔▔▔ ▔▔ ▔▔▔▔▔ ▔▔▔ ▔▔▔ ▔▔▔▔ ▔▔ ▔▔▔▔▔ ▔▔▔ ▔▔▔ ▔▔▔▔ ▔▔ ▔▔▔▔▔ ▔▔▔ ▔▔▔ ▔▔▔▔ ▔▔ ▔▔▔▔▔ ▔▔▔ ▔▔▔ ▔▔▔▔ ▔▔ ▔▔▔▔▔ ▔▔▔ ▔▔▔ ▔▔▔▔ ▔▔ ▔▔▔▔▔ ▔▔▔

▔▔▔ ▔▔▔▔ ▔▔ ▔▔▔▔▔ ▔▔▔ ▔▔▔ ▔▔▔▔ ▔▔ ▔▔▔▔▔ ▔▔▔ ▔▔▔ ▔▔▔▔ ▔▔ ▔▔▔▔▔ ▔▔▔ ▔▔▔ ▔▔▔▔ ▔▔ ▔▔▔▔▔ ▔▔▔ ▔▔▔ ▔▔▔▔ ▔▔ ▔▔▔▔▔ ▔▔▔ ▔▔▔ ▔▔▔▔ ▔▔ ▔▔▔▔▔ ▔▔▔ ▔▔▔ ▔▔▔▔ ▔▔ ▔▔▔▔▔ ▔▔▔ ▔▔▔ ▔▔▔▔ ▔▔ ▔▔▔▔▔ ▔▔▔ ▔▔▔ ▔▔▔▔ ▔▔ ▔▔▔▔▔ ▔▔▔ ▔▔▔ ▔▔▔▔ ▔▔ ▔▔▔▔▔ ▔▔▔ ▔▔▔ ▔▔▔▔ ▔▔ ▔▔▔▔▔ ▔▔▔ ▔▔▔ ▔▔▔▔ ▔▔ ▔▔▔▔▔ ▔▔▔ ▔▔▔ ▔▔▔▔ ▔▔ ▔▔▔▔▔ ▔▔▔ ▔▔▔ ▔▔▔▔ ▔▔ ▔▔▔▔▔ ▔▔▔

THE ITALIAN THEATRE.
THE PIAVE VICTORY.
AUSTRIAN OFFENSIVE REVIEWED.

The Italians in the present fighting have taken about 20,000 prisoners.

▔▔▔ ▔▔▔▔ ▔▔ ▔▔▔▔▔ ▔▔▔ ▔▔▔ ▔▔▔▔ ▔▔ ▔▔▔▔▔ ▔▔▔ ▔▔▔ ▔▔▔▔ ▔▔ ▔▔▔▔▔ ▔▔▔ ▔▔▔ ▔▔▔▔ ▔▔ ▔▔▔▔▔ ▔▔▔ ▔▔▔ ▔▔▔▔ ▔▔ ▔▔▔▔▔ ▔▔▔ ▔▔▔ ▔▔▔▔ ▔▔ ▔▔▔▔▔ ▔▔▔ ▔▔▔ ▔▔▔▔ ▔▔ ▔▔▔▔▔ ▔▔▔ ▔▔▔ ▔▔▔▔ ▔▔ ▔▔▔▔▔ ▔▔▔ ▔▔▔ ▔▔▔▔ ▔▔ ▔▔▔▔▔ ▔▔▔ ▔▔▔ ▔▔▔▔ ▔▔ ▔▔▔▔▔ ▔▔▔ ▔▔▔ ▔▔▔▔ ▔▔ ▔▔▔▔▔ ▔▔▔ ▔▔▔ ▔▔▔▔ ▔▔ ▔▔▔▔▔ ▔▔▔ ▔▔▔ ▔▔▔▔ ▔▔ ▔▔▔▔▔ ▔▔▔ ▔▔▔ ▔▔▔▔ ▔▔ ▔▔▔▔▔ ▔▔▔

▔▔▔ ▔▔▔▔ ▔▔ ▔▔▔▔▔ ▔▔▔ ▔▔▔ ▔▔▔▔ ▔▔ ▔▔▔▔▔ ▔▔▔ ▔▔▔ ▔▔▔▔ ▔▔ ▔▔▔▔▔ ▔▔▔ ▔▔▔ ▔▔▔▔ ▔▔ ▔▔▔▔▔ ▔▔▔ ▔▔▔ ▔▔▔▔ ▔▔ ▔▔▔▔▔ ▔▔▔ ▔▔▔ ▔▔▔▔ ▔▔ ▔▔▔▔▔ ▔▔▔ ▔▔▔ ▔▔▔▔ ▔▔ ▔▔▔▔▔ ▔▔▔ ▔▔▔ ▔▔▔▔ ▔▔ ▔▔▔▔▔ ▔▔▔ ▔▔▔ ▔▔▔▔ ▔▔ ▔▔▔▔▔ ▔▔▔ ▔▔▔ ▔▔▔▔ ▔▔ ▔▔▔▔▔ ▔▔▔ ▔▔▔ ▔▔▔▔ ▔▔ ▔▔▔▔▔ ▔▔▔ ▔▔▔ ▔▔▔▔ ▔▔ ▔▔▔▔▔ ▔▔▔ ▔▔▔ ▔▔▔▔ ▔▔ ▔▔▔▔▔ ▔▔▔ ▔▔▔ ▔▔▔▔ ▔▔ ▔▔▔▔▔ ▔▔▔

THE EX-CZAR'S FATE.

▔▔▔ ▔▔▔▔ ▔▔ ▔▔▔▔▔ ▔▔▔ ▔▔▔ ▔▔▔▔ ▔▔ ▔▔▔▔▔ ▔▔▔ ▔▔▔ ▔▔▔▔ ▔▔ ▔▔▔▔▔ ▔▔▔ ▔▔▔ ▔▔▔▔ ▔▔ ▔▔▔▔▔ ▔▔▔ ▔▔▔ ▔▔▔▔ ▔▔ ▔▔▔▔▔ ▔▔▔ ▔▔▔ ▔▔▔▔ ▔▔ ▔▔▔▔▔ ▔▔▔ ▔▔▔ ▔▔▔▔ ▔▔ ▔▔▔▔▔ ▔▔▔ ▔▔▔ ▔▔▔▔ ▔▔ ▔▔▔▔▔ ▔▔▔ ▔▔▔ ▔▔▔▔ ▔▔ ▔▔▔▔▔ ▔▔▔ ▔▔▔ ▔▔▔▔ ▔▔ ▔▔▔▔▔ ▔▔▔ ▔▔▔ ▔▔▔▔ ▔▔ ▔▔▔▔▔ ▔▔▔ ▔▔▔ ▔▔▔▔ ▔▔ ▔▔▔▔▔ ▔▔▔ ▔▔▔ ▔▔▔▔ ▔▔ ▔▔▔▔▔ ▔▔▔ ▔▔▔ ▔▔▔▔ ▔▔ ▔▔▔▔▔ ▔▔▔

GERMANY AND POLAND.

▔▔▔ ▔▔▔▔ ▔▔ ▔▔▔▔▔ ▔▔▔ ▔▔▔ ▔▔▔▔ ▔▔ ▔▔▔▔▔ ▔▔▔ ▔▔▔ ▔▔▔▔ ▔▔ ▔▔▔▔▔ ▔▔▔ ▔▔▔ ▔▔▔▔ ▔▔ ▔▔▔▔▔ ▔▔▔ ▔▔▔ ▔▔▔▔ ▔▔ ▔▔▔▔▔ ▔▔▔ ▔▔▔ ▔▔▔▔ ▔▔ ▔▔▔▔▔ ▔▔▔ ▔▔▔ ▔▔▔▔ ▔▔ ▔▔▔▔▔ ▔▔▔ ▔▔▔ ▔▔▔▔ ▔▔ ▔▔▔▔▔ ▔▔▔ ▔▔▔ ▔▔▔▔ ▔▔ ▔▔▔▔▔ ▔▔▔ ▔▔▔ ▔▔▔▔ ▔▔ ▔▔▔▔▔ ▔▔▔ ▔▔▔ ▔▔▔▔ ▔▔ ▔▔▔▔▔ ▔▔▔ ▔▔▔ ▔▔▔▔ ▔▔ ▔▔▔▔▔ ▔▔▔ ▔▔▔ ▔▔▔▔ ▔▔ ▔▔▔▔▔ ▔▔▔ ▔▔▔ ▔▔▔▔ ▔▔ ▔▔▔▔▔ ▔▔▔

THE SIBERIAN PROBLEM.

▔▔▔ ▔▔▔▔ ▔▔ ▔▔▔▔▔ ▔▔▔ ▔▔▔ ▔▔▔▔ ▔▔ ▔▔▔▔▔ ▔▔▔ ▔▔▔ ▔▔▔▔ ▔▔ ▔▔▔▔▔ ▔▔▔ ▔▔▔ ▔▔▔▔ ▔▔ ▔▔▔▔▔ ▔▔▔ ▔▔▔ ▔▔▔▔ ▔▔ ▔▔▔▔▔ ▔▔▔ ▔▔▔ ▔▔▔▔ ▔▔ ▔▔▔▔▔ ▔▔▔ ▔▔▔ ▔▔▔▔ ▔▔ ▔▔▔▔▔ ▔▔▔ ▔▔▔ ▔▔▔▔ ▔▔ ▔▔▔▔▔ ▔▔▔ ▔▔▔ ▔▔▔▔ ▔▔ ▔▔▔▔▔ ▔▔▔ ▔▔▔ ▔▔▔▔ ▔▔ ▔▔▔▔▔ ▔▔▔ ▔▔▔ ▔▔▔▔ ▔▔ ▔▔▔▔▔ ▔▔▔ ▔▔▔ ▔▔▔▔ ▔▔ ▔▔▔▔▔ ▔▔▔ ▔▔▔ ▔▔▔▔ ▔▔ ▔▔▔▔▔ ▔▔▔ ▔▔▔ ▔▔▔▔ ▔▔ ▔▔▔▔▔ ▔▔▔

FUTURE OF FINLAND.

▔▔▔ ▔▔▔▔ ▔▔ ▔▔▔▔▔ ▔▔▔ ▔▔▔ ▔▔▔▔ ▔▔ ▔▔▔▔▔ ▔▔▔ ▔▔▔ ▔▔▔▔ ▔▔ ▔▔▔▔▔ ▔▔▔ ▔▔▔ ▔▔▔▔ ▔▔ ▔▔▔▔▔ ▔▔▔ ▔▔▔ ▔▔▔▔ ▔▔ ▔▔▔▔▔ ▔▔▔ ▔▔▔ ▔▔▔▔ ▔▔ ▔▔▔▔▔ ▔▔▔ ▔▔▔ ▔▔▔▔ ▔▔ ▔▔▔▔▔ ▔▔▔ ▔▔▔ ▔▔▔▔ ▔▔ ▔▔▔▔▔ ▔▔▔ ▔▔▔ ▔▔▔▔ ▔▔ ▔▔▔▔▔ ▔▔▔ ▔▔▔ ▔▔▔▔ ▔▔ ▔▔▔▔▔ ▔▔▔ ▔▔▔ ▔▔▔▔ ▔▔ ▔▔▔▔▔ ▔▔▔ ▔▔▔ ▔▔▔▔ ▔▔ ▔▔▔▔▔ ▔▔▔ ▔▔▔ ▔▔▔▔ ▔▔ ▔▔▔▔▔ ▔▔▔ ▔▔▔ ▔▔▔▔ ▔▔ ▔▔▔▔▔ ▔▔▔

AMERICAN TROOPS ARRIVE.

▔▔▔ ▔▔▔▔ ▔▔ ▔▔▔▔▔ ▔▔▔ ▔▔▔ ▔▔▔▔ ▔▔ ▔▔▔▔▔ ▔▔▔ ▔▔▔ ▔▔▔▔ ▔▔ ▔▔▔▔▔ ▔▔▔ ▔▔▔ ▔▔▔▔ ▔▔ ▔▔▔▔▔ ▔▔▔ ▔▔▔ ▔▔▔▔ ▔▔ ▔▔▔▔▔ ▔▔▔ ▔▔▔ ▔▔▔▔ ▔▔ ▔▔▔▔▔ ▔▔▔ ▔▔▔ ▔▔▔▔ ▔▔ ▔▔▔▔▔ ▔▔▔ ▔▔▔ ▔▔▔▔ ▔▔ ▔▔▔▔▔ ▔▔▔ ▔▔▔ ▔▔▔▔ ▔▔ ▔▔▔▔▔ ▔▔▔ ▔▔▔ ▔▔▔▔ ▔▔ ▔▔▔▔▔ ▔▔▔ ▔▔▔ ▔▔▔▔ ▔▔ ▔▔▔▔▔ ▔▔▔ ▔▔▔ ▔▔▔▔ ▔▔ ▔▔▔▔▔ ▔▔▔ ▔▔▔ ▔▔▔▔ ▔▔ ▔▔▔▔▔ ▔▔▔ ▔▔▔ ▔▔▔▔ ▔▔ ▔▔▔▔▔ ▔▔▔

NAVAL ACTION.
BRUSH OFF THE BELGIAN COAST.

▔▔▔ ▔▔▔▔ ▔▔ ▔▔▔▔▔ ▔▔▔ ▔▔▔ ▔▔▔▔ ▔▔ ▔▔▔▔▔ ▔▔▔ ▔▔▔ ▔▔▔▔ ▔▔ ▔▔▔▔▔ ▔▔▔ ▔▔▔ ▔▔▔▔ ▔▔ ▔▔▔▔▔ ▔▔▔ ▔▔▔ ▔▔▔▔ ▔▔ ▔▔▔▔▔ ▔▔▔ ▔▔▔ ▔▔▔▔ ▔▔ ▔▔▔▔▔ ▔▔▔ ▔▔▔ ▔▔▔▔ ▔▔ ▔▔▔▔▔ ▔▔▔ ▔▔▔ ▔▔▔▔ ▔▔ ▔▔▔▔▔ ▔▔▔ ▔▔▔ ▔▔▔▔ ▔▔ ▔▔▔▔▔ ▔▔▔ ▔▔▔ ▔▔▔▔ ▔▔ ▔▔▔▔▔ ▔▔▔ ▔▔▔ ▔▔▔▔ ▔▔ ▔▔▔▔▔ ▔▔▔ ▔▔▔ ▔▔▔▔ ▔▔ ▔▔▔▔▔ ▔▔▔ ▔▔▔ ▔▔▔▔ ▔▔ ▔▔▔▔▔ ▔▔▔ ▔▔▔ ▔▔▔▔ ▔▔ ▔▔▔▔▔ ▔▔▔

THE GERMAN VERSION.

▔▔▔ ▔▔▔▔ ▔▔ ▔▔▔▔▔ ▔▔▔ ▔▔▔ ▔▔▔▔ ▔▔ ▔▔▔▔▔ ▔▔▔ ▔▔▔ ▔▔▔▔ ▔▔ ▔▔▔▔▔ ▔▔▔ ▔▔▔ ▔▔▔▔ ▔▔ ▔▔▔▔▔ ▔▔▔ ▔▔▔ ▔▔▔▔ ▔▔ ▔▔▔▔▔ ▔▔▔ ▔▔▔ ▔▔▔▔ ▔▔ ▔▔▔▔▔ ▔▔▔ ▔▔▔ ▔▔▔▔ ▔▔ ▔▔▔▔▔ ▔▔▔ ▔▔▔ ▔▔▔▔ ▔▔ ▔▔▔▔▔ ▔▔▔ ▔▔▔ ▔▔▔▔ ▔▔ ▔▔▔▔▔ ▔▔▔ ▔▔▔ ▔▔▔▔ ▔▔ ▔▔▔▔▔ ▔▔▔ ▔▔▔ ▔▔▔▔ ▔▔ ▔▔▔▔▔ ▔▔▔ ▔▔▔ ▔▔▔▔ ▔▔ ▔▔▔▔▔ ▔▔▔ ▔▔▔ ▔▔▔▔ ▔▔ ▔▔▔▔▔ ▔▔▔ ▔▔▔ ▔▔▔▔ ▔▔ ▔▔▔▔▔ ▔▔▔

HOME REQUIREMENTS.

▔▔▔ ▔▔▔▔ ▔▔ ▔▔▔▔▔ ▔▔▔ ▔▔▔ ▔▔▔▔ ▔▔ ▔▔▔▔▔ ▔▔▔ ▔▔▔ ▔▔▔▔ ▔▔ ▔▔▔▔▔ ▔▔▔ ▔▔▔ ▔▔▔▔ ▔▔ ▔▔▔▔▔ ▔▔▔ ▔▔▔ ▔▔▔▔ ▔▔ ▔▔▔▔▔ ▔▔▔ ▔▔▔ ▔▔▔▔ ▔▔ ▔▔▔▔▔ ▔▔▔ ▔▔▔ ▔▔▔▔ ▔▔ ▔▔▔▔▔ ▔▔▔ ▔▔▔ ▔▔▔▔ ▔▔ ▔▔▔▔▔ ▔▔▔ ▔▔▔ ▔▔▔▔ ▔▔ ▔▔▔▔▔ ▔▔▔ ▔▔▔ ▔▔▔▔ ▔▔ ▔▔▔▔▔ ▔▔▔ ▔▔▔ ▔▔▔▔ ▔▔ ▔▔▔▔▔ ▔▔▔ ▔▔▔ ▔▔▔▔ ▔▔ ▔▔▔▔▔ ▔▔▔ ▔▔▔ ▔▔▔▔ ▔▔ ▔▔▔▔▔ ▔▔▔ ▔▔▔ ▔▔▔▔ ▔▔ ▔▔▔▔▔ ▔▔▔

WAR IN THE AIR.
LONDON, June 28.

The Air Ministry reports: Our aeroplanes on night attacked chemical works at Ludwigshafen, factories and railway sidings at Saarbrucken, and on aerodromes at Bolchen, setting on fire two hangars. All returned.

▔▔▔ ▔▔▔▔ ▔▔ ▔▔▔▔▔ ▔▔▔ ▔▔▔ ▔▔▔▔ ▔▔ ▔▔▔▔▔ ▔▔▔ ▔▔▔ ▔▔▔▔ ▔▔ ▔▔▔▔▔ ▔▔▔ ▔▔▔ ▔▔▔▔ ▔▔ ▔▔▔▔▔ ▔▔▔ ▔▔▔ ▔▔▔▔ ▔▔ ▔▔▔▔▔ ▔▔▔ ▔▔▔ ▔▔▔▔ ▔▔ ▔▔▔▔▔ ▔▔▔ ▔▔▔ ▔▔▔▔ ▔▔ ▔▔▔▔▔ ▔▔▔ ▔▔▔ ▔▔▔▔ ▔▔ ▔▔▔▔▔ ▔▔▔ ▔▔▔ ▔▔▔▔ ▔▔ ▔▔▔▔▔ ▔▔▔ ▔▔▔ ▔▔▔▔ ▔▔ ▔▔▔▔▔ ▔▔▔ ▔▔▔ ▔▔▔▔ ▔▔ ▔▔▔▔▔ ▔▔▔ ▔▔▔ ▔▔▔▔ ▔▔ ▔▔▔▔▔ ▔▔▔ ▔▔▔ ▔▔▔▔ ▔▔ ▔▔▔▔▔ ▔▔▔ ▔▔▔ ▔▔▔▔ ▔▔ ▔▔▔▔▔ ▔▔▔

▔▔▔ ▔▔▔▔ ▔▔ ▔▔▔▔▔ ▔▔▔ ▔▔▔ ▔▔▔▔ ▔▔ ▔▔▔▔▔ ▔▔▔ ▔▔▔ ▔▔▔▔ ▔▔ ▔▔▔▔▔ ▔▔▔ ▔▔▔ ▔▔▔▔ ▔▔ ▔▔▔▔▔ ▔▔▔ ▔▔▔ ▔▔▔▔ ▔▔ ▔▔▔▔▔ ▔▔▔ ▔▔▔ ▔▔▔▔ ▔▔ ▔▔▔▔▔ ▔▔▔ ▔▔▔ ▔▔▔▔ ▔▔ ▔▔▔▔▔ ▔▔▔ ▔▔▔ ▔▔▔▔ ▔▔ ▔▔▔▔▔ ▔▔▔ ▔▔▔ ▔▔▔▔ ▔▔ ▔▔▔▔▔ ▔▔▔ ▔▔▔ ▔▔▔▔ ▔▔ ▔▔▔▔▔ ▔▔▔ ▔▔▔ ▔▔▔▔ ▔▔ ▔▔▔▔▔ ▔▔▔ ▔▔▔ ▔▔▔▔ ▔▔ ▔▔▔▔▔ ▔▔▔ ▔▔▔ ▔▔▔▔ ▔▔ ▔▔▔▔▔ ▔▔▔ ▔▔▔ ▔▔▔▔ ▔▔ ▔▔▔▔▔ ▔▔▔

▔▔▔ ▔▔▔▔ ▔▔ ▔▔▔▔▔ ▔▔▔ ▔▔▔ ▔▔▔▔ ▔▔ ▔▔▔▔▔ ▔▔▔ ▔▔▔ ▔▔▔▔ ▔▔ ▔▔▔▔▔ ▔▔▔ ▔▔▔ ▔▔▔▔ ▔▔ ▔▔▔▔▔ ▔▔▔ ▔▔▔ ▔▔▔▔ ▔▔ ▔▔▔▔▔ ▔▔▔ ▔▔▔ ▔▔▔▔ ▔▔ ▔▔▔▔▔ ▔▔▔ ▔▔▔ ▔▔▔▔ ▔▔ ▔▔▔▔▔ ▔▔▔ ▔▔▔ ▔▔▔▔ ▔▔ ▔▔▔▔▔ ▔▔▔ ▔▔▔ ▔▔▔▔ ▔▔ ▔▔▔▔▔ ▔▔▔ ▔▔▔ ▔▔▔▔ ▔▔ ▔▔▔▔▔ ▔▔▔ ▔▔▔ ▔▔▔▔ ▔▔ ▔▔▔▔▔ ▔▔▔ ▔▔▔ ▔▔▔▔ ▔▔ ▔▔▔▔▔ ▔▔▔ ▔▔▔ ▔▔▔▔ ▔▔ ▔▔▔▔▔ ▔▔▔ ▔▔▔ ▔▔▔▔ ▔▔ ▔▔▔▔▔ ▔▔▔

RAID ON PARIS.

A Paris official message states: Groups of enemy aeroplanes attacked Paris at 10.40 last night.

▔▔▔ ▔▔▔▔ ▔▔ ▔▔▔▔▔ ▔▔▔ ▔▔▔ ▔▔▔▔ ▔▔ ▔▔▔▔▔ ▔▔▔ ▔▔▔ ▔▔▔▔ ▔▔ ▔▔▔▔▔ ▔▔▔ ▔▔▔ ▔▔▔▔ ▔▔ ▔▔▔▔▔ ▔▔▔ ▔▔▔ ▔▔▔▔ ▔▔ ▔▔▔▔▔ ▔▔▔ ▔▔▔ ▔▔▔▔ ▔▔ ▔▔▔▔▔ ▔▔▔ ▔▔▔ ▔▔▔▔ ▔▔ ▔▔▔▔▔ ▔▔▔ ▔▔▔ ▔▔▔▔ ▔▔ ▔▔▔▔▔ ▔▔▔ ▔▔▔ ▔▔▔▔ ▔▔ ▔▔▔▔▔ ▔▔▔ ▔▔▔ ▔▔▔▔ ▔▔ ▔▔▔▔▔ ▔▔▔ ▔▔▔ ▔▔▔▔ ▔▔ ▔▔▔▔▔ ▔▔▔ ▔▔▔ ▔▔▔▔ ▔▔ ▔▔▔▔▔ ▔▔▔ ▔▔▔ ▔▔▔▔ ▔▔ ▔▔▔▔▔ ▔▔▔ ▔▔▔ ▔▔▔▔ ▔▔ ▔▔▔▔▔ ▔▔▔

ABOUT THE ENEMY.
COMMENT ON VON KUHLMANN'S SPEECH.

Reuter interviewed Lord Robert Cecil who said that it was evident that Herr von Kuhlmann's intention was to suggest that Germany and Britain could come to terms.

▔▔▔ ▔▔▔▔ ▔▔ ▔▔▔▔▔ ▔▔▔ ▔▔▔ ▔▔▔▔ ▔▔ ▔▔▔▔▔ ▔▔▔ ▔▔▔ ▔▔▔▔ ▔▔ ▔▔▔▔▔ ▔▔▔ ▔▔▔ ▔▔▔▔ ▔▔ ▔▔▔▔▔ ▔▔▔ ▔▔▔ ▔▔▔▔ ▔▔ ▔▔▔▔▔ ▔▔▔ ▔▔▔ ▔▔▔▔ ▔▔ ▔▔▔▔▔ ▔▔▔ ▔▔▔ ▔▔▔▔ ▔▔ ▔▔▔▔▔ ▔▔▔ ▔▔▔ ▔▔▔▔ ▔▔ ▔▔▔▔▔ ▔▔▔ ▔▔▔ ▔▔▔▔ ▔▔ ▔▔▔▔▔ ▔▔▔ ▔▔▔ ▔▔▔▔ ▔▔ ▔▔▔▔▔ ▔▔▔ ▔▔▔ ▔▔▔▔ ▔▔ ▔▔▔▔▔ ▔▔▔ ▔▔▔ ▔▔▔▔ ▔▔ ▔▔▔▔▔ ▔▔▔ ▔▔▔ ▔▔▔▔ ▔▔ ▔▔▔▔▔ ▔▔▔ ▔▔▔ ▔▔▔▔ ▔▔ ▔▔▔▔▔ ▔▔▔

▔▔▔ ▔▔▔▔ ▔▔ ▔▔▔▔▔ ▔▔▔ ▔▔▔ ▔▔▔▔ ▔▔ ▔▔▔▔▔ ▔▔▔ ▔▔▔ ▔▔▔▔ ▔▔ ▔▔▔▔▔ ▔▔▔ ▔▔▔ ▔▔▔▔ ▔▔ ▔▔▔▔▔ ▔▔▔ ▔▔▔ ▔▔▔▔ ▔▔ ▔▔▔▔▔ ▔▔▔ ▔▔▔ ▔▔▔▔ ▔▔ ▔▔▔▔▔ ▔▔▔ ▔▔▔ ▔▔▔▔ ▔▔ ▔▔▔▔▔ ▔▔▔ ▔▔▔ ▔▔▔▔ ▔▔ ▔▔▔▔▔ ▔▔▔ ▔▔▔ ▔▔▔▔ ▔▔ ▔▔▔▔▔ ▔▔▔ ▔▔▔ ▔▔▔▔ ▔▔ ▔▔▔▔▔ ▔▔▔ ▔▔▔ ▔▔▔▔ ▔▔ ▔▔▔▔▔ ▔▔▔ ▔▔▔ ▔▔▔▔ ▔▔ ▔▔▔▔▔ ▔▔▔ ▔▔▔ ▔▔▔▔ ▔▔ ▔▔▔▔▔ ▔▔▔ ▔▔▔ ▔▔▔▔ ▔▔ ▔▔▔▔▔ ▔▔▔

THE SUBMARINE WAR.

▔▔▔ ▔▔▔▔ ▔▔ ▔▔▔▔▔ ▔▔▔ ▔▔▔ ▔▔▔▔ ▔▔ ▔▔▔▔▔ ▔▔▔ ▔▔▔ ▔▔▔▔ ▔▔ ▔▔▔▔▔ ▔▔▔ ▔▔▔ ▔▔▔▔ ▔▔ ▔▔▔▔▔ ▔▔▔ ▔▔▔ ▔▔▔▔ ▔▔ ▔▔▔▔▔ ▔▔▔ ▔▔▔ ▔▔▔▔ ▔▔ ▔▔▔▔▔ ▔▔▔ ▔▔▔ ▔▔▔▔ ▔▔ ▔▔▔▔▔ ▔▔▔ ▔▔▔ ▔▔▔▔ ▔▔ ▔▔▔▔▔ ▔▔▔ ▔▔▔ ▔▔▔▔ ▔▔ ▔▔▔▔▔ ▔▔▔ ▔▔▔ ▔▔▔▔ ▔▔ ▔▔▔▔▔ ▔▔▔ ▔▔▔ ▔▔▔▔ ▔▔ ▔▔▔▔▔ ▔▔▔ ▔▔▔ ▔▔▔▔ ▔▔ ▔▔▔▔▔ ▔▔▔ ▔▔▔ ▔▔▔▔ ▔▔ ▔▔▔▔▔ ▔▔▔ ▔▔▔ ▔▔▔▔ ▔▔ ▔▔▔▔▔ ▔▔▔

▔▔▔ ▔▔▔▔ ▔▔ ▔▔▔▔▔ ▔▔▔ ▔▔▔ ▔▔▔▔ ▔▔ ▔▔▔▔▔ ▔▔▔ ▔▔▔ ▔▔▔▔ ▔▔ ▔▔▔▔▔ ▔▔▔ ▔▔▔ ▔▔▔▔ ▔▔ ▔▔▔▔▔ ▔▔▔ ▔▔▔ ▔▔▔▔ ▔▔ ▔▔▔▔▔ ▔▔▔ ▔▔▔ ▔▔▔▔ ▔▔ ▔▔▔▔▔ ▔▔▔ ▔▔▔ ▔▔▔▔ ▔▔ ▔▔▔▔▔ ▔▔▔ ▔▔▔ ▔▔▔▔ ▔▔ ▔▔▔▔▔ ▔▔▔ ▔▔▔ ▔▔▔▔ ▔▔ ▔▔▔▔▔ ▔▔▔ ▔▔▔ ▔▔▔▔ ▔▔ ▔▔▔▔▔ ▔▔▔ ▔▔▔ ▔▔▔▔ ▔▔ ▔▔▔▔▔ ▔▔▔ ▔▔▔ ▔▔▔▔ ▔▔ ▔▔▔▔▔ ▔▔▔ ▔▔▔ ▔▔▔▔ ▔▔ ▔▔▔▔▔ ▔▔▔ ▔▔▔ ▔▔▔▔ ▔▔ ▔▔▔▔▔ ▔▔▔

CONSTRUCTION EXCEEDS LOSSES.

▔▔▔ ▔▔▔▔ ▔▔ ▔▔▔▔▔ ▔▔▔ ▔▔▔ ▔▔▔▔ ▔▔ ▔▔▔▔▔ ▔▔▔ ▔▔▔ ▔▔▔▔ ▔▔ ▔▔▔▔▔ ▔▔▔ ▔▔▔ ▔▔▔▔ ▔▔ ▔▔▔▔▔ ▔▔▔ ▔▔▔ ▔▔▔▔ ▔▔ ▔▔▔▔▔ ▔▔▔ ▔▔▔ ▔▔▔▔ ▔▔ ▔▔▔▔▔ ▔▔▔ ▔▔▔ ▔▔▔▔ ▔▔ ▔▔▔▔▔ ▔▔▔ ▔▔▔ ▔▔▔▔ ▔▔ ▔▔▔▔▔ ▔▔▔ ▔▔▔ ▔▔▔▔ ▔▔ ▔▔▔▔▔ ▔▔▔ ▔▔▔ ▔▔▔▔ ▔▔ ▔▔▔▔▔ ▔▔▔ ▔▔▔ ▔▔▔▔ ▔▔ ▔▔▔▔▔ ▔▔▔ ▔▔▔ ▔▔▔▔ ▔▔ ▔▔▔▔▔ ▔▔▔ ▔▔▔ ▔▔▔▔ ▔▔ ▔▔▔▔▔ ▔▔▔ ▔▔▔ ▔▔▔▔ ▔▔ ▔▔▔▔▔ ▔▔▔

THE ATLANTIAN SUNK.

▔▔▔ ▔▔▔▔ ▔▔ ▔▔▔▔▔ ▔▔▔ ▔▔▔ ▔▔▔▔ ▔▔ ▔▔▔▔▔ ▔▔▔ ▔▔▔ ▔▔▔▔ ▔▔ ▔▔▔▔▔ ▔▔▔ ▔▔▔ ▔▔▔▔ ▔▔ ▔▔▔▔▔ ▔▔▔ ▔▔▔ ▔▔▔▔ ▔▔ ▔▔▔▔▔ ▔▔▔ ▔▔▔ ▔▔▔▔ ▔▔ ▔▔▔▔▔ ▔▔▔ ▔▔▔ ▔▔▔▔ ▔▔ ▔▔▔▔▔ ▔▔▔ ▔▔▔ ▔▔▔▔ ▔▔ ▔▔▔▔▔ ▔▔▔ ▔▔▔ ▔▔▔▔ ▔▔ ▔▔▔▔▔ ▔▔▔ ▔▔▔ ▔▔▔▔ ▔▔ ▔▔▔▔▔ ▔▔▔ ▔▔▔ ▔▔▔▔ ▔▔ ▔▔▔▔▔ ▔▔▔ ▔▔▔ ▔▔▔▔ ▔▔ ▔▔▔▔▔ ▔▔▔ ▔▔▔ ▔▔▔▔ ▔▔ ▔▔▔▔▔ ▔▔▔ ▔▔▔ ▔▔▔▔ ▔▔ ▔▔▔▔▔ ▔▔▔

FOR THE DARK MORNINGS.

▔▔▔ ▔▔▔▔ ▔▔ ▔▔▔▔▔ ▔▔▔ ▔▔▔ ▔▔▔▔ ▔▔ ▔▔▔▔▔ ▔▔▔ ▔▔▔ ▔▔▔▔ ▔▔ ▔▔▔▔▔ ▔▔▔ ▔▔▔ ▔▔▔▔ ▔▔ ▔▔▔▔▔ ▔▔▔ ▔▔▔ ▔▔▔▔ ▔▔ ▔▔▔▔▔ ▔▔▔ ▔▔▔ ▔▔▔▔ ▔▔ ▔▔▔▔▔ ▔▔▔ ▔▔▔ ▔▔▔▔ ▔▔ ▔▔▔▔▔ ▔▔▔ ▔▔▔ ▔▔▔▔ ▔▔ ▔▔▔▔▔ ▔▔▔ ▔▔▔ ▔▔▔▔ ▔▔ ▔▔▔▔▔ ▔▔▔ ▔▔▔ ▔▔▔▔ ▔▔ ▔▔▔▔▔ ▔▔▔ ▔▔▔ ▔▔▔▔ ▔▔ ▔▔▔▔▔ ▔▔▔ ▔▔▔ ▔▔▔▔ ▔▔ ▔▔▔▔▔ ▔▔▔ ▔▔▔ ▔▔▔▔ ▔▔ ▔▔▔▔▔ ▔▔▔ ▔▔▔ ▔▔▔▔ ▔▔ ▔▔▔▔▔ ▔▔▔

THE FAR EAST.
LOAN TO CHINA.

▔▔▔ ▔▔▔▔ ▔▔ ▔▔▔▔▔ ▔▔▔ ▔▔▔ ▔▔▔▔ ▔▔ ▔▔▔▔▔ ▔▔▔ ▔▔▔ ▔▔▔▔ ▔▔ ▔▔▔▔▔ ▔▔▔ ▔▔▔ ▔▔▔▔ ▔▔ ▔▔▔▔▔ ▔▔▔ ▔▔▔ ▔▔▔▔ ▔▔ ▔▔▔▔▔ ▔▔▔ ▔▔▔ ▔▔▔▔ ▔▔ ▔▔▔▔▔ ▔▔▔ ▔▔▔ ▔▔▔▔ ▔▔ ▔▔▔▔▔ ▔▔▔ ▔▔▔ ▔▔▔▔ ▔▔ ▔▔▔▔▔ ▔▔▔ ▔▔▔ ▔▔▔▔ ▔▔ ▔▔▔▔▔ ▔▔▔ ▔▔▔ ▔▔▔▔ ▔▔ ▔▔▔▔▔ ▔▔▔ ▔▔▔ ▔▔▔▔ ▔▔ ▔▔▔▔▔ ▔▔▔ ▔▔▔ ▔▔▔▔ ▔▔ ▔▔▔▔▔ ▔▔▔ ▔▔▔ ▔▔▔▔ ▔▔ ▔▔▔▔▔ ▔▔▔ ▔▔▔ ▔▔▔▔ ▔▔ ▔▔▔▔▔ ▔▔▔
